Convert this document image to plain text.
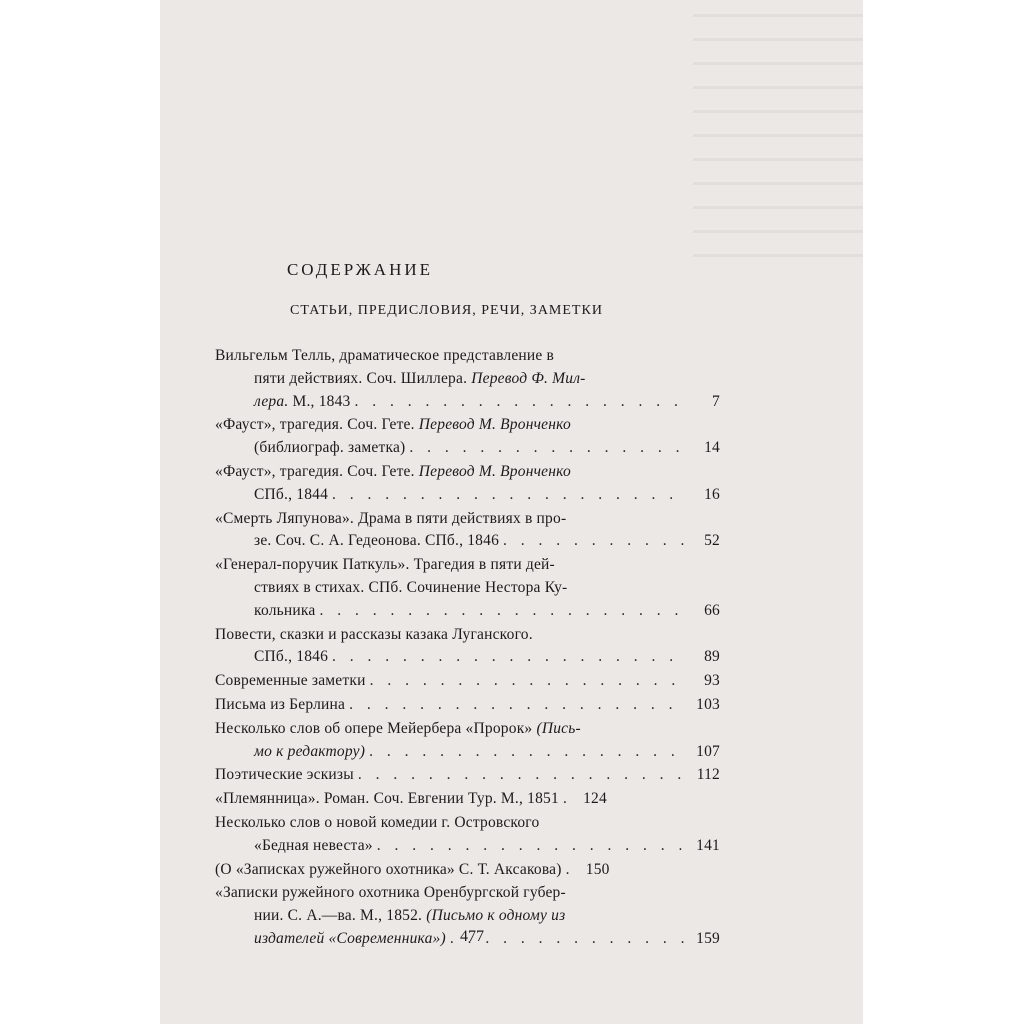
СОДЕРЖАНИЕ
СТАТЬИ, ПРЕДИСЛОВИЯ, РЕЧИ, ЗАМЕТКИ
Вильгельм Телль, драматическое представление в
пяти действиях. Соч. Шиллера. Перевод Ф. Мил-
лера. М., 1843 . . .	7
«Фауст», трагедия. Соч. Гете. Перевод М. Вронченко
(библиограф. заметка) . . .	14
«Фауст», трагедия. Соч. Гете. Перевод М. Вронченко
СПб., 1844 . . .	16
«Смерть Ляпунова». Драма в пяти действиях в про-
зе. Соч. С. А. Гедеонова. СПб., 1846 . . .	52
«Генерал-поручик Паткуль». Трагедия в пяти дей-
ствиях в стихах. СПб. Сочинение Нестора Ку-
кольника . . .	66
Повести, сказки и рассказы казака Луганского.
СПб., 1846 . . .	89
Современные заметки . . .	93
Письма из Берлина . . .	103
Несколько слов об опере Мейербера «Пророк» (Пись-
мо к редактору) . . .	107
Поэтические эскизы . . .	112
«Племянница». Роман. Соч. Евгении Тур. М., 1851 . . .	124
Несколько слов о новой комедии г. Островского
«Бедная невеста» . . .	141
(О «Записках ружейного охотника» С. Т. Аксакова) . . .	150
«Записки ружейного охотника Оренбургской губер-
нии. С. А.—ва. М., 1852. (Письмо к одному из
издателей «Современника») . . .	159
477
